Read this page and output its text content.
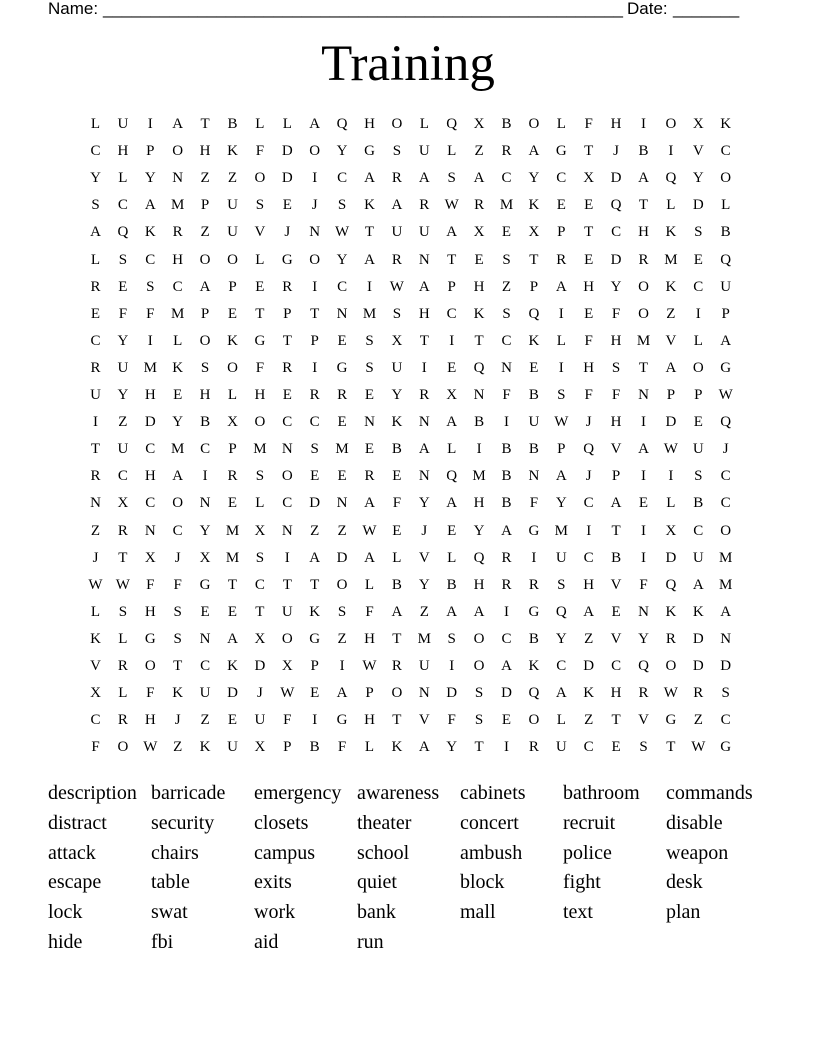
Name: _______________________________________________________ Date: _______
Training
L	U	I	A	T	B	L	L	A	Q	H	O	L	Q	X	B	O	L	F	H	I	O	X	K
C	H	P	O	H	K	F	D	O	Y	G	S	U	L	Z	R	A	G	T	J	B	I	V	C
Y	L	Y	N	Z	Z	O	D	I	C	A	R	A	S	A	C	Y	C	X	D	A	Q	Y	O
S	C	A	M	P	U	S	E	J	S	K	A	R	W	R	M	K	E	E	Q	T	L	D	L
A	Q	K	R	Z	U	V	J	N W	T	U	U	A	X	E	X	P	T	C	H	K	S	B
L	S	C	H	O	O	L	G	O	Y	A	R	N	T	E	S	T	R	E	D	R	M	E	Q
R	E	S	C	A	P	E	R	I	C	I	W A	P	H	Z	P	A	H	Y	O	K	C	U
E	F	F	M	P	E	T	P	T	N	M	S	H	C	K	S	Q	I	E	F	O	Z	I	P
C	Y	I	L	O	K	G	T	P	E	S	X	T	I	T	C	K	L	F	H	M	V	L	A
R	U	M	K	S	O	F	R	I	G	S	U	I	E	Q	N	E	I	H	S	T	A	O	G
U	Y	H	E	H	L	H	E	R	R	E	Y	R	X	N	F	B	S	F	F	N	P	P	W
I	Z	D	Y	B	X	O	C	C	E	N	K	N	A	B	I	U W	J	H	I	D	E	Q
T	U	C	M	C	P	M	N	S	M	E	B	A	L	I	B	B	P	Q	V	A W U	J
R	C	H	A	I	R	S	O	E	E	R	E	N	Q	M	B	N	A	J	P	I	I	S	C
N	X	C	O	N	E	L	C	D	N	A	F	Y	A	H	B	F	Y	C	A	E	L	B	C
Z	R	N	C	Y	M	X	N	Z	Z	W	E	J	E	Y	A	G	M	I	T	I	X	C	O
J	T	X	J	X	M	S	I	A	D	A	L	V	L	Q	R	I	U	C	B	I	D	U	M
W W	F	F	G	T	C	T	T	O	L	B	Y	B	H	R	R	S	H	V	F	Q	A	M
L	S	H	S	E	E	T	U	K	S	F	A	Z	A	A	I	G	Q	A	E	N	K	K	A
K	L	G	S	N	A	X	O	G	Z	H	T	M	S	O	C	B	Y	Z	V	Y	R	D	N
V	R	O	T	C	K	D	X	P	I	W	R	U	I	O	A	K	C	D	C	Q	O	D	D
X	L	F	K	U	D	J	W	E	A	P	O	N	D	S	D	Q	A	K	H	R	W	R	S
C	R	H	J	Z	E	U	F	I	G	H	T	V	F	S	E	O	L	Z	T	V	G	Z	C
F	O W	Z	K	U	X	P	B	F	L	K	A	Y	T	I	R	U	C	E	S	T	W G
description barricade	emergency awareness	cabinets	bathroom	commands
distract	security	closets	theater	concert	recruit	disable
attack	chairs	campus	school	ambush	police	weapon
escape	table	exits	quiet	block	fight	desk
lock	swat	work	bank	mall	text	plan
hide	fbi	aid	run
